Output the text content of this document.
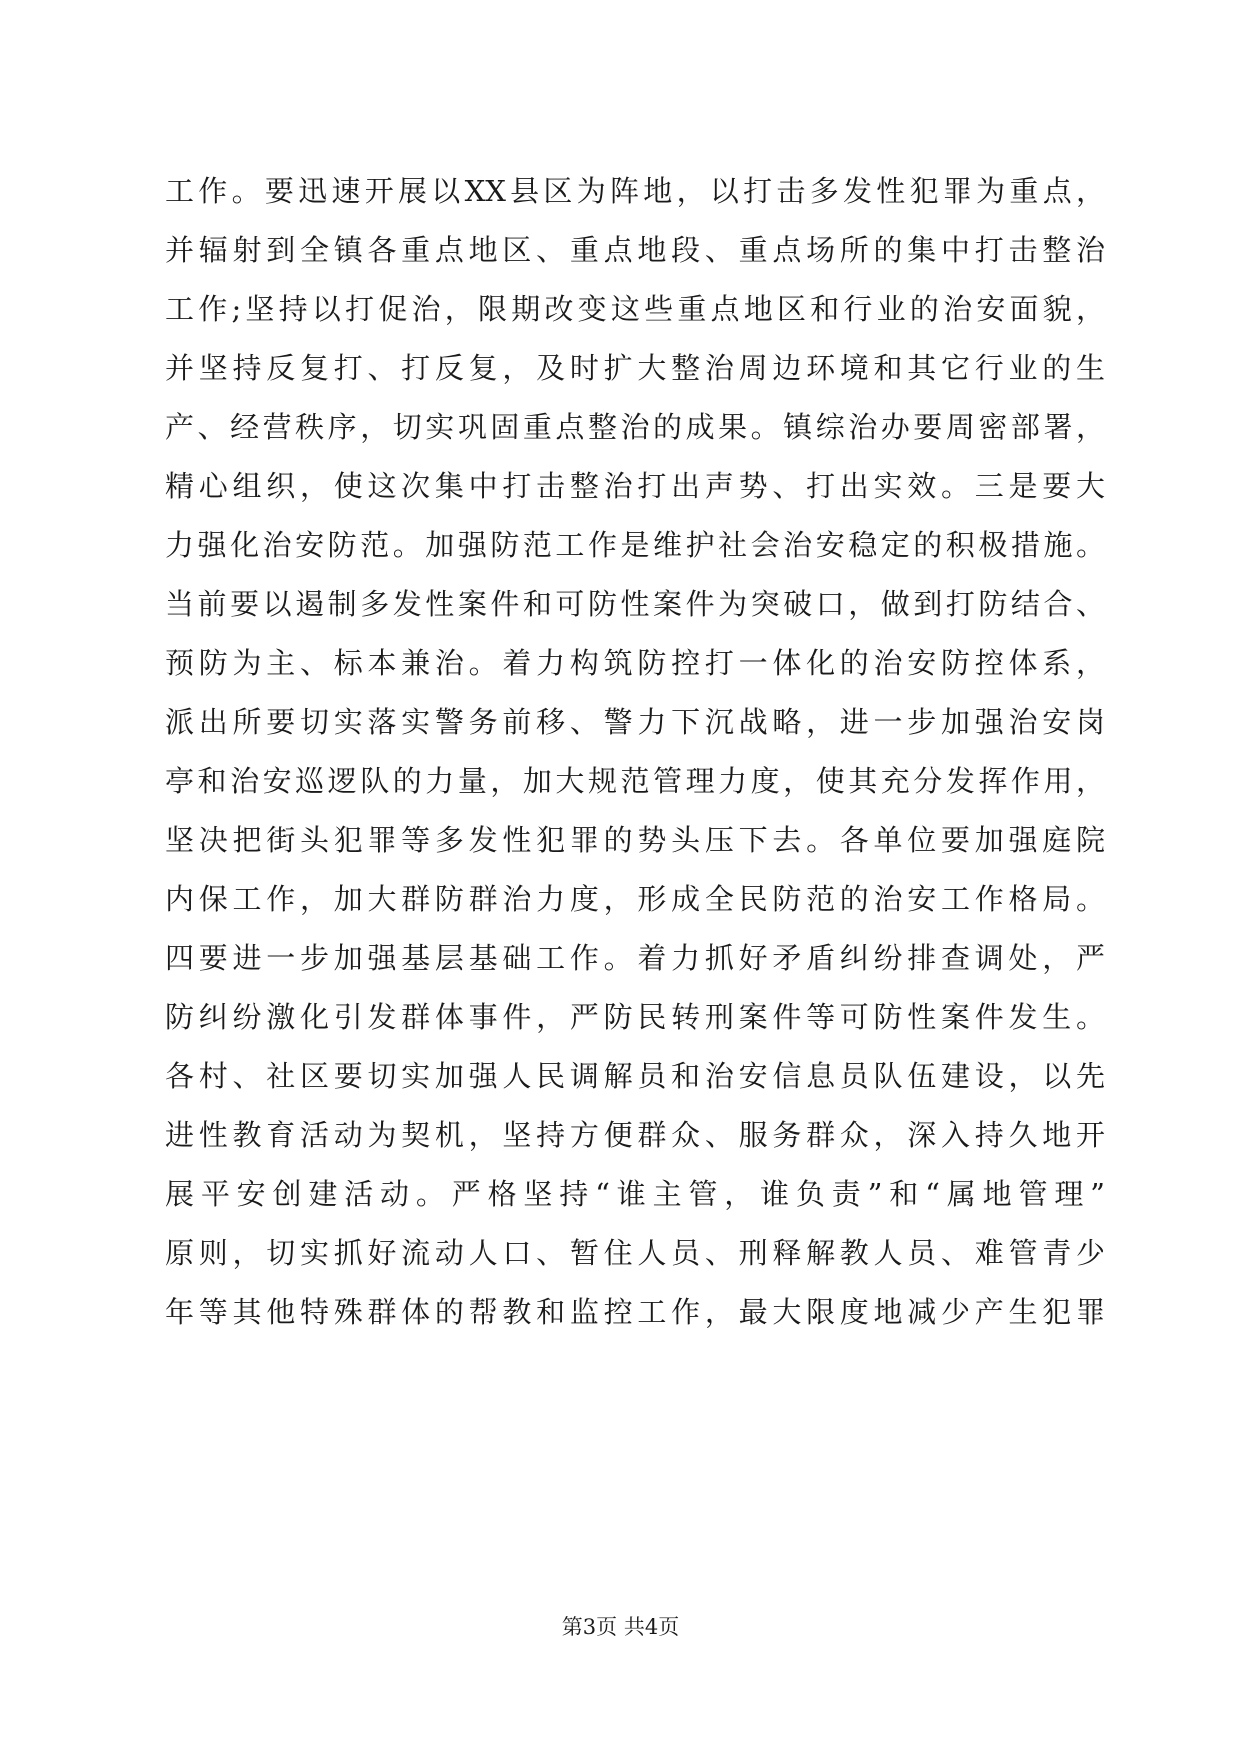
工作。要迅速开展以XX县区为阵地，以打击多发性犯罪为重点，
并辐射到全镇各重点地区、重点地段、重点场所的集中打击整治
工作;坚持以打促治，限期改变这些重点地区和行业的治安面貌，
并坚持反复打、打反复，及时扩大整治周边环境和其它行业的生
产、经营秩序，切实巩固重点整治的成果。镇综治办要周密部署，
精心组织，使这次集中打击整治打出声势、打出实效。三是要大
力强化治安防范。加强防范工作是维护社会治安稳定的积极措施。
当前要以遏制多发性案件和可防性案件为突破口，做到打防结合、
预防为主、标本兼治。着力构筑防控打一体化的治安防控体系，
派出所要切实落实警务前移、警力下沉战略，进一步加强治安岗
亭和治安巡逻队的力量，加大规范管理力度，使其充分发挥作用，
坚决把街头犯罪等多发性犯罪的势头压下去。各单位要加强庭院
内保工作，加大群防群治力度，形成全民防范的治安工作格局。
四要进一步加强基层基础工作。着力抓好矛盾纠纷排查调处，严
防纠纷激化引发群体事件，严防民转刑案件等可防性案件发生。
各村、社区要切实加强人民调解员和治安信息员队伍建设，以先
进性教育活动为契机，坚持方便群众、服务群众，深入持久地开
展平安创建活动。严格坚持“谁主管，谁负责”和“属地管理”
原则，切实抓好流动人口、暂住人员、刑释解教人员、难管青少
年等其他特殊群体的帮教和监控工作，最大限度地减少产生犯罪
第3页 共4页
